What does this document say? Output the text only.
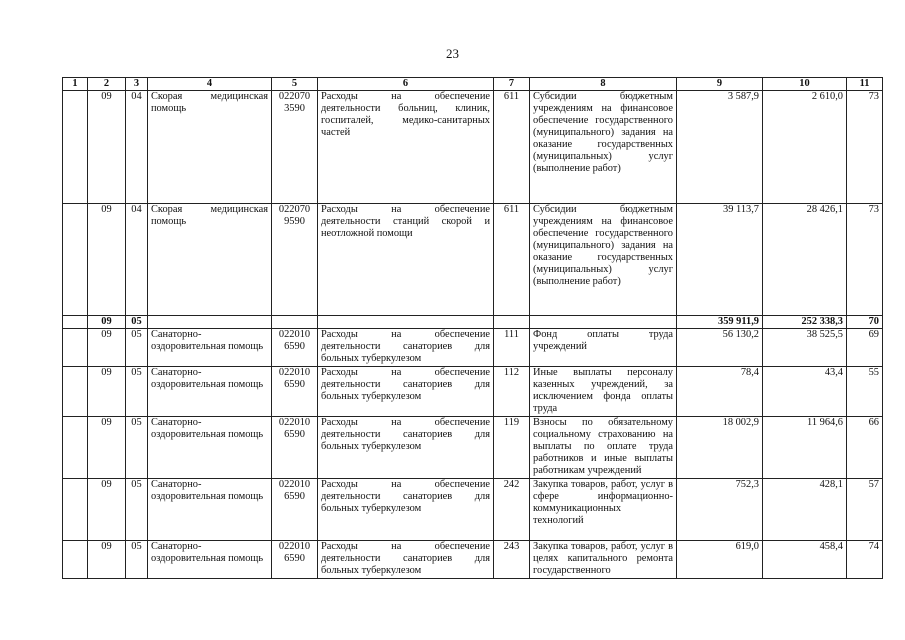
23
1	2	3	4	5	6	7	8	9	10	11
	09	04	Скорая медицинская помощь	022070 3590	Расходы на обеспечение деятельности больниц, клиник, госпиталей, медико-санитарных частей	611	Субсидии бюджетным учреждениям на финансовое обеспечение государственного (муниципального) задания на оказание государственных (муниципальных) услуг (выполнение работ)	3 587,9	2 610,0	73
	09	04	Скорая медицинская помощь	022070 9590	Расходы на обеспечение деятельности станций скорой и неотложной помощи	611	Субсидии бюджетным учреждениям на финансовое обеспечение государственного (муниципального) задания на оказание государственных (муниципальных) услуг (выполнение работ)	39 113,7	28 426,1	73
	09	05						359 911,9	252 338,3	70
	09	05	Санаторно-оздоровительная помощь	022010 6590	Расходы на обеспечение деятельности санаториев для больных туберкулезом	111	Фонд оплаты труда учреждений	56 130,2	38 525,5	69
	09	05	Санаторно-оздоровительная помощь	022010 6590	Расходы на обеспечение деятельности санаториев для больных туберкулезом	112	Иные выплаты персоналу казенных учреждений, за исключением фонда оплаты труда	78,4	43,4	55
	09	05	Санаторно-оздоровительная помощь	022010 6590	Расходы на обеспечение деятельности санаториев для больных туберкулезом	119	Взносы по обязательному социальному страхованию на выплаты по оплате труда работников и иные выплаты работникам учреждений	18 002,9	11 964,6	66
	09	05	Санаторно-оздоровительная помощь	022010 6590	Расходы на обеспечение деятельности санаториев для больных туберкулезом	242	Закупка товаров, работ, услуг в сфере информационно-коммуникационных технологий	752,3	428,1	57
	09	05	Санаторно-оздоровительная помощь	022010 6590	Расходы на обеспечение деятельности санаториев для больных туберкулезом	243	Закупка товаров, работ, услуг в целях капитального ремонта государственного	619,0	458,4	74
